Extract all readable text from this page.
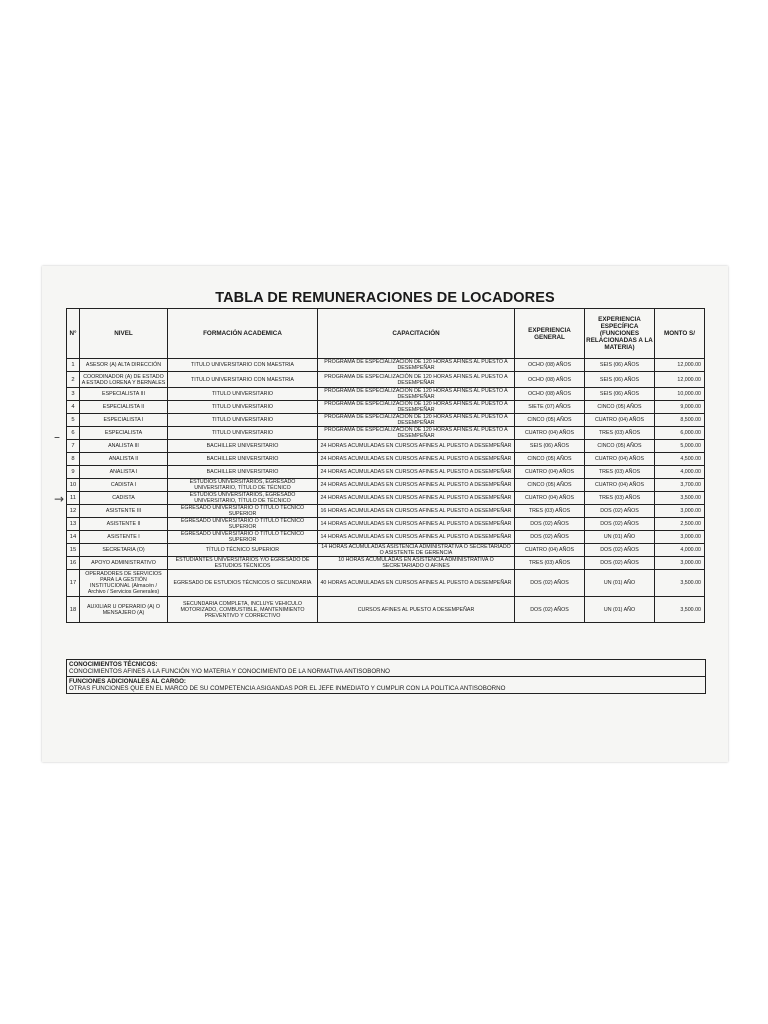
TABLA DE REMUNERACIONES DE LOCADORES
–
→
N°	NIVEL	FORMACIÓN ACADEMICA	CAPACITACIÓN	EXPERIENCIA GENERAL	EXPERIENCIA ESPECÍFICA (FUNCIONES RELACIONADAS A LA MATERIA)	MONTO S/
1	ASESOR (A) ALTA DIRECCIÓN	TITULO UNIVERSITARIO CON MAESTRIA	PROGRAMA DE ESPECIALIZACIÓN DE 120 HORAS AFINES AL PUESTO A DESEMPEÑAR	OCHO (08) AÑOS	SEIS (06) AÑOS	12,000.00
2	COORDINADOR (A) DE ESTADO A ESTADO LORENA Y BERNALES	TITULO UNIVERSITARIO CON MAESTRIA	PROGRAMA DE ESPECIALIZACIÓN DE 120 HORAS AFINES AL PUESTO A DESEMPEÑAR	OCHO (08) AÑOS	SEIS (06) AÑOS	12,000.00
3	ESPECIALISTA III	TITULO UNIVERSITARIO	PROGRAMA DE ESPECIALIZACIÓN DE 120 HORAS AFINES AL PUESTO A DESEMPEÑAR	OCHO (08) AÑOS	SEIS (06) AÑOS	10,000.00
4	ESPECIALISTA II	TITULO UNIVERSITARIO	PROGRAMA DE ESPECIALIZACIÓN DE 120 HORAS AFINES AL PUESTO A DESEMPEÑAR	SIETE (07) AÑOS	CINCO (05) AÑOS	9,000.00
5	ESPECIALISTA I	TITULO UNIVERSITARIO	PROGRAMA DE ESPECIALIZACIÓN DE 120 HORAS AFINES AL PUESTO A DESEMPEÑAR	CINCO (05) AÑOS	CUATRO (04) AÑOS	8,500.00
6	ESPECIALISTA	TITULO UNIVERSITARIO	PROGRAMA DE ESPECIALIZACIÓN DE 120 HORAS AFINES AL PUESTO A DESEMPEÑAR	CUATRO (04) AÑOS	TRES (03) AÑOS	6,000.00
7	ANALISTA III	BACHILLER UNIVERSITARIO	24 HORAS ACUMULADAS EN CURSOS AFINES AL PUESTO A DESEMPEÑAR	SEIS (06) AÑOS	CINCO (05) AÑOS	5,000.00
8	ANALISTA II	BACHILLER UNIVERSITARIO	24 HORAS ACUMULADAS EN CURSOS AFINES AL PUESTO A DESEMPEÑAR	CINCO (05) AÑOS	CUATRO (04) AÑOS	4,500.00
9	ANALISTA I	BACHILLER UNIVERSITARIO	24 HORAS ACUMULADAS EN CURSOS AFINES AL PUESTO A DESEMPEÑAR	CUATRO (04) AÑOS	TRES (03) AÑOS	4,000.00
10	CADISTA I	ESTUDIOS UNIVERSITARIOS, EGRESADO UNIVERSITARIO, TÍTULO DE TÉCNICO	24 HORAS ACUMULADAS EN CURSOS AFINES AL PUESTO A DESEMPEÑAR	CINCO (05) AÑOS	CUATRO (04) AÑOS	3,700.00
11	CADISTA	ESTUDIOS UNIVERSITARIOS, EGRESADO UNIVERSITARIO, TÍTULO DE TÉCNICO	24 HORAS ACUMULADAS EN CURSOS AFINES AL PUESTO A DESEMPEÑAR	CUATRO (04) AÑOS	TRES (03) AÑOS	3,500.00
12	ASISTENTE III	EGRESADO UNIVERSITARIO O TÍTULO TÉCNICO SUPERIOR	16 HORAS ACUMULADAS EN CURSOS AFINES AL PUESTO A DESEMPEÑAR	TRES (03) AÑOS	DOS (02) AÑOS	3,000.00
13	ASISTENTE II	EGRESADO UNIVERSITARIO O TÍTULO TÉCNICO SUPERIOR	14 HORAS ACUMULADAS EN CURSOS AFINES AL PUESTO A DESEMPEÑAR	DOS (02) AÑOS	DOS (02) AÑOS	2,500.00
14	ASISTENTE I	EGRESADO UNIVERSITARIO O TÍTULO TÉCNICO SUPERIOR	14 HORAS ACUMULADAS EN CURSOS AFINES AL PUESTO A DESEMPEÑAR	DOS (02) AÑOS	UN (01) AÑO	3,000.00
15	SECRETARIA (O)	TÍTULO TÉCNICO SUPERIOR	14 HORAS ACUMULADAS ASISTENCIA ADMINISTRATIVA O SECRETARIADO O ASISTENTE DE GERENCIA	CUATRO (04) AÑOS	DOS (02) AÑOS	4,000.00
16	APOYO ADMINISTRATIVO	ESTUDIANTES UNIVERSITARIOS Y/O EGRESADO DE ESTUDIOS TÉCNICOS	10 HORAS ACUMULADAS EN ASISTENCIA ADMINISTRATIVA O SECRETARIADO O AFINES	TRES (03) AÑOS	DOS (02) AÑOS	3,000.00
17	OPERADORES DE SERVICIOS PARA LA GESTIÓN INSTITUCIONAL (Almacén / Archivo / Servicios Generales)	EGRESADO DE ESTUDIOS TÉCNICOS O SECUNDARIA	40 HORAS ACUMULADAS EN CURSOS AFINES AL PUESTO A DESEMPEÑAR	DOS (02) AÑOS	UN (01) AÑO	3,500.00
18	AUXILIAR U OPERARIO (A) O MENSAJERO (A)	SECUNDARIA COMPLETA, INCLUYE VEHICULO MOTORIZADO, COMBUSTIBLE, MANTENIMIENTO PREVENTIVO Y CORRECTIVO	CURSOS AFINES AL PUESTO A DESEMPEÑAR	DOS (02) AÑOS	UN (01) AÑO	3,500.00
CONOCIMIENTOS TÉCNICOS:
CONOCIMIENTOS AFINES A LA FUNCIÓN Y/O MATERIA Y CONOCIMIENTO DE LA NORMATIVA ANTISOBORNO

FUNCIONES ADICIONALES AL CARGO:
OTRAS FUNCIONES QUE EN EL MARCO DE SU COMPETENCIA ASIGANDAS POR EL JEFE INMEDIATO Y CUMPLIR CON LA POLITICA ANTISOBORNO
